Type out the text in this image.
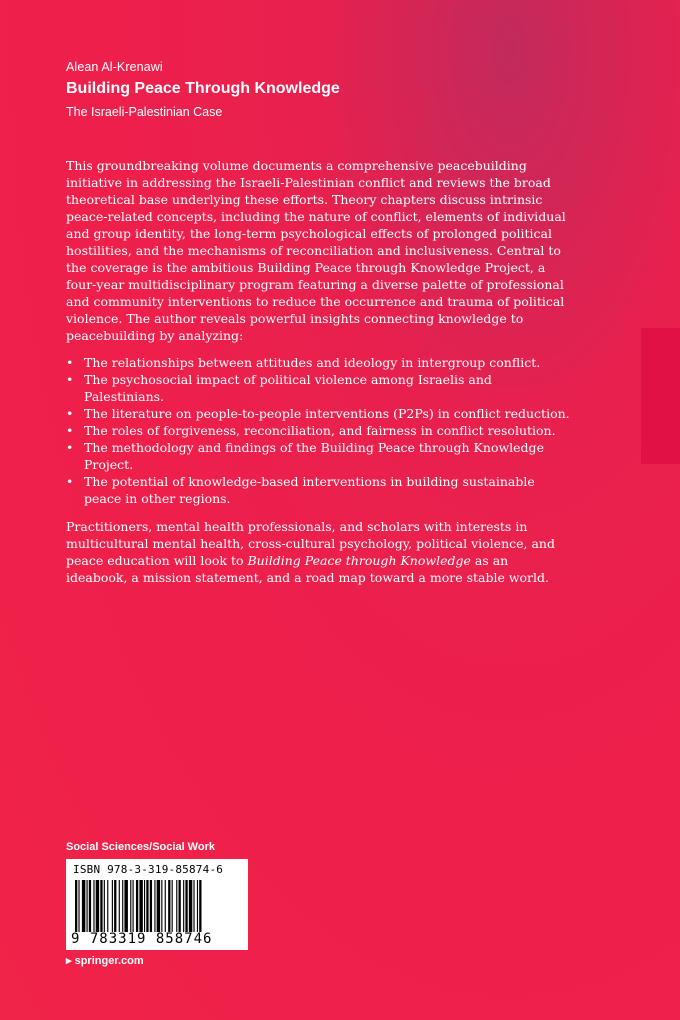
Alean Al-Krenawi
Building Peace Through Knowledge
The Israeli-Palestinian Case

This groundbreaking volume documents a comprehensive peacebuilding initiative in addressing the Israeli-Palestinian conflict and reviews the broad theoretical base underlying these efforts. Theory chapters discuss intrinsic peace-related concepts, including the nature of conflict, elements of individual and group identity, the long-term psychological effects of prolonged political hostilities, and the mechanisms of reconciliation and inclusiveness. Central to the coverage is the ambitious Building Peace through Knowledge Project, a four-year multidisciplinary program featuring a diverse palette of professional and community interventions to reduce the occurrence and trauma of political violence. The author reveals powerful insights connecting knowledge to peacebuilding by analyzing:

• The relationships between attitudes and ideology in intergroup conflict.
• The psychosocial impact of political violence among Israelis and Palestinians.
• The literature on people-to-people interventions (P2Ps) in conflict reduction.
• The roles of forgiveness, reconciliation, and fairness in conflict resolution.
• The methodology and findings of the Building Peace through Knowledge Project.
• The potential of knowledge-based interventions in building sustainable peace in other regions.

Practitioners, mental health professionals, and scholars with interests in multicultural mental health, cross-cultural psychology, political violence, and peace education will look to Building Peace through Knowledge as an ideabook, a mission statement, and a road map toward a more stable world.

Social Sciences/Social Work
ISBN 978-3-319-85874-6
9 783319 858746
▸ springer.com
